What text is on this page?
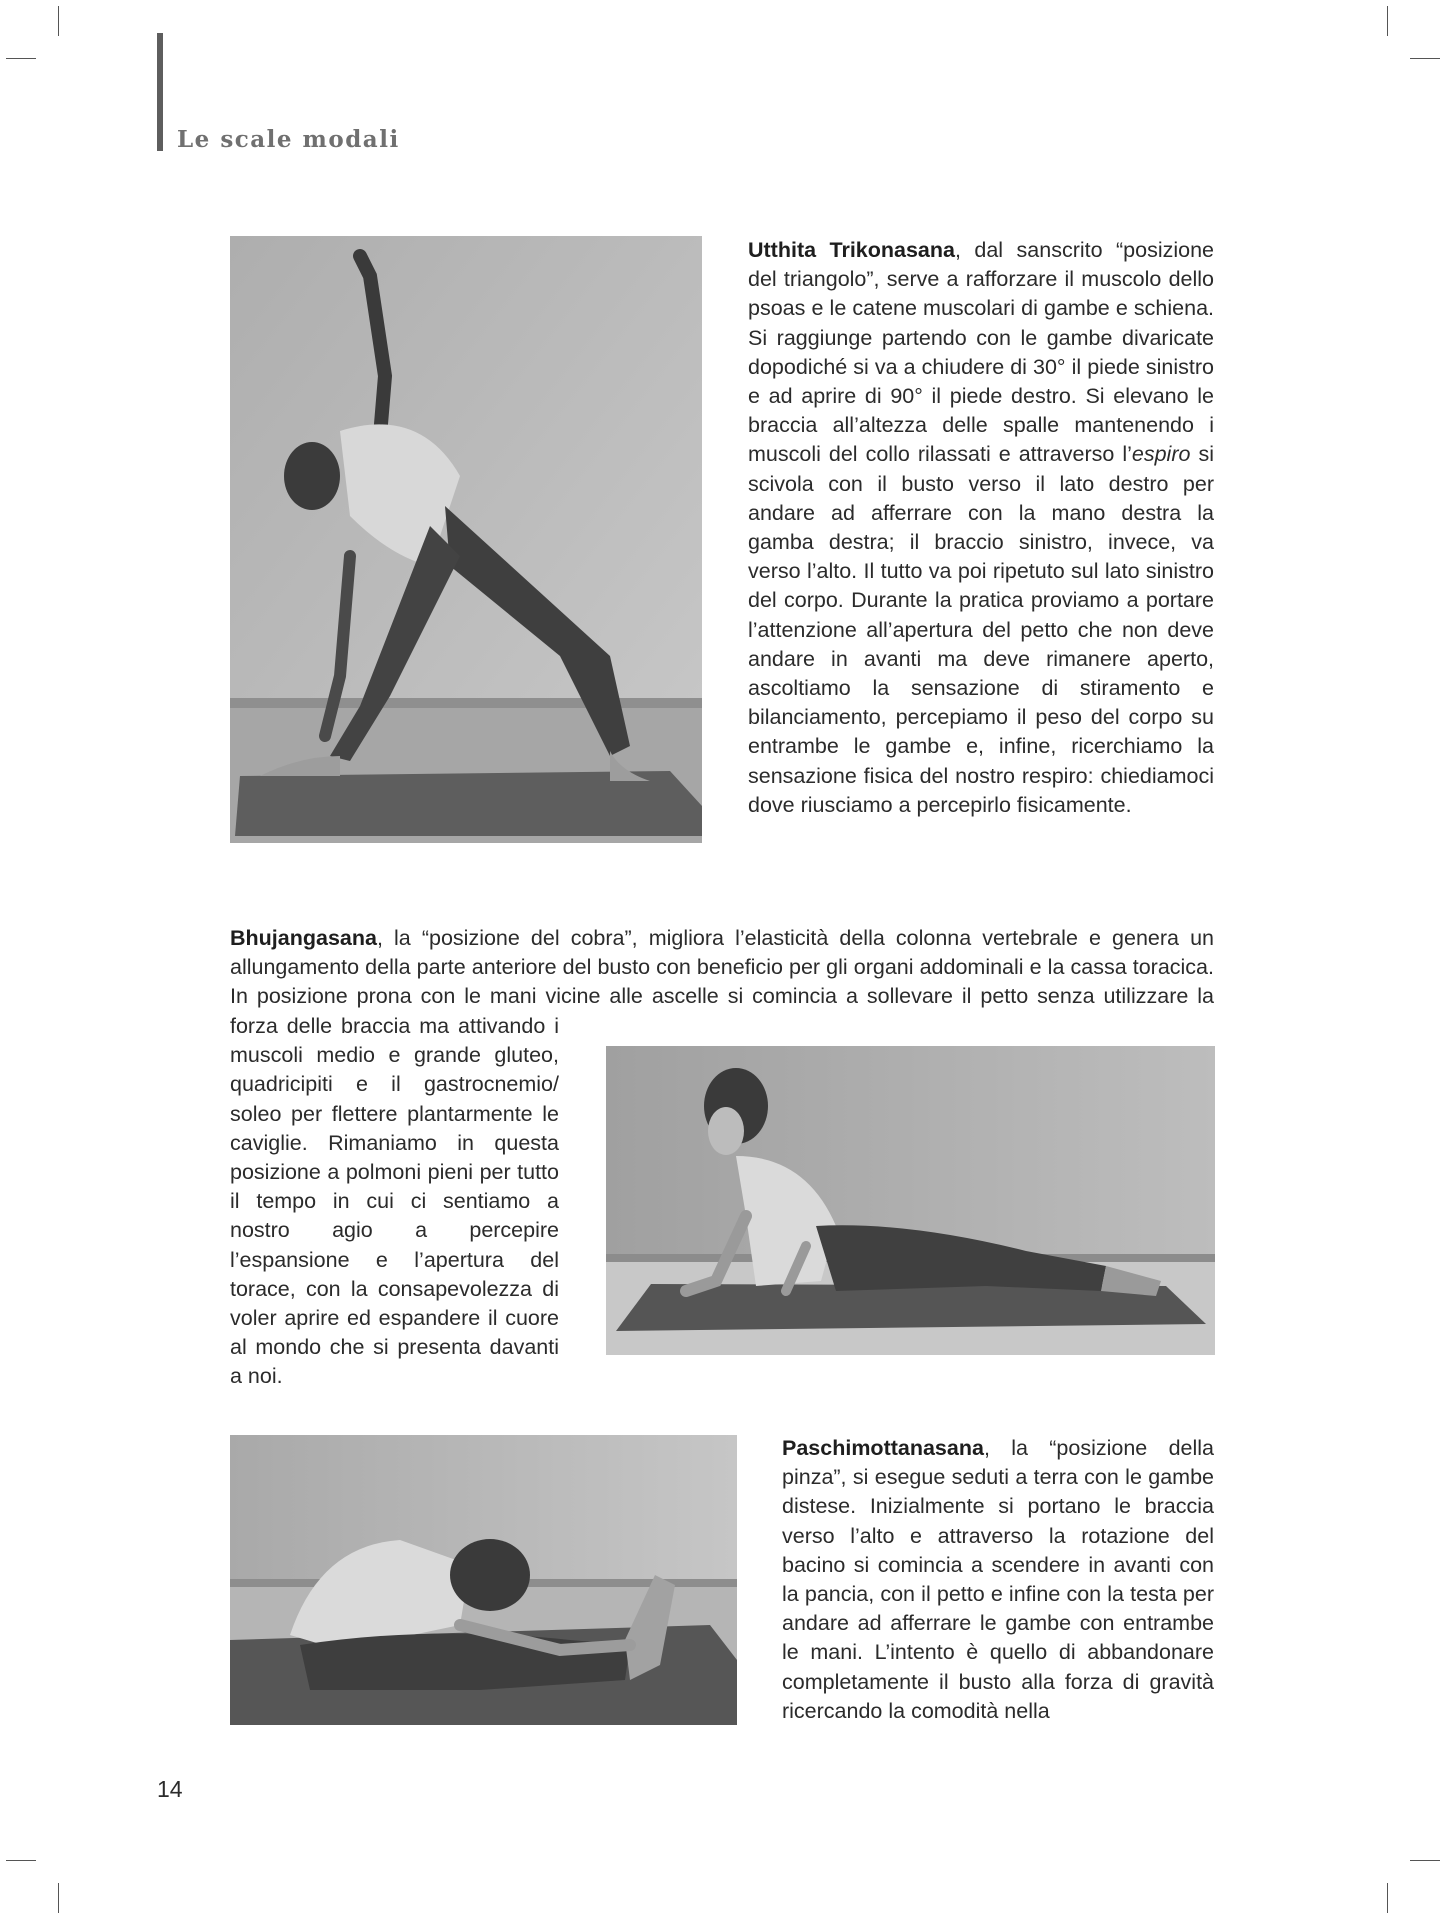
Le scale modali
Utthita Trikonasana, dal sanscrito “posizione del triangolo”, serve a rafforzare il muscolo dello psoas e le catene muscolari di gambe e schiena. Si raggiunge partendo con le gambe divaricate dopodiché si va a chiudere di 30° il piede sinistro e ad aprire di 90° il piede destro. Si elevano le braccia all’altezza delle spalle mantenendo i muscoli del collo rilassati e attraverso l’espiro si scivola con il busto verso il lato destro per andare ad afferrare con la mano destra la gamba destra; il braccio sinistro, invece, va verso l’alto. Il tutto va poi ripetuto sul lato sinistro del corpo. Durante la pratica proviamo a portare l’attenzione all’apertura del petto che non deve andare in avanti ma deve rimanere aperto, ascoltiamo la sensazione di stiramento e bilanciamento, percepiamo il peso del corpo su entrambe le gambe e, infine, ricerchiamo la sensazione fisica del nostro respiro: chiediamoci dove riusciamo a percepirlo fisicamente.
Bhujangasana, la “posizione del cobra”, migliora l’elasticità della colonna vertebrale e genera un
allungamento della parte anteriore del busto con beneficio per gli organi addominali e la cassa toracica.
In posizione prona con le mani vicine alle ascelle si comincia a sollevare il petto senza utilizzare la
forza delle braccia ma attivando i muscoli medio e grande gluteo, quadricipiti e il gastrocnemio/ soleo per flettere plantarmente le caviglie. Rimaniamo in questa posizione a polmoni pieni per tutto il tempo in cui ci sentiamo a nostro agio a percepire l’espansione e l’apertura del torace, con la consapevolezza di voler aprire ed espandere il cuore al mondo che si presenta davanti a noi.
Paschimottanasana, la “posizione della pinza”, si esegue seduti a terra con le gambe distese. Inizialmente si portano le braccia verso l’alto e attraverso la rotazione del bacino si comincia a scendere in avanti con la pancia, con il petto e infine con la testa per andare ad afferrare le gambe con entrambe le mani. L’intento è quello di abbandonare completamente il busto alla forza di gravità ricercando la comodità nella
14
